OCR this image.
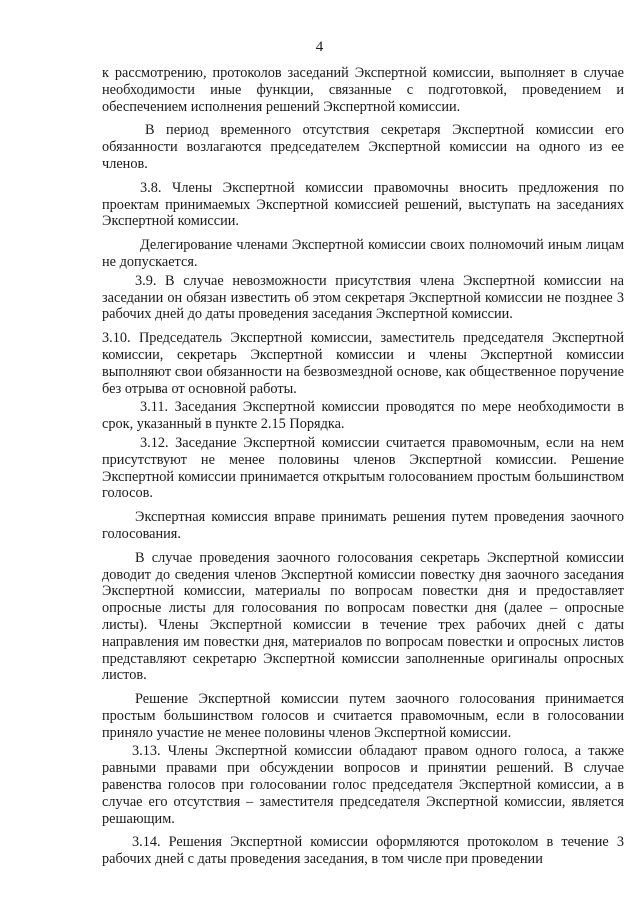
4

к рассмотрению, протоколов заседаний Экспертной комиссии, выполняет в случае необходимости иные функции, связанные с подготовкой, проведением и обеспечением исполнения решений Экспертной комиссии.

В период временного отсутствия секретаря Экспертной комиссии его обязанности возлагаются председателем Экспертной комиссии на одного из ее членов.

3.8. Члены Экспертной комиссии правомочны вносить предложения по проектам принимаемых Экспертной комиссией решений, выступать на заседаниях Экспертной комиссии.

Делегирование членами Экспертной комиссии своих полномочий иным лицам не допускается.

3.9. В случае невозможности присутствия члена Экспертной комиссии на заседании он обязан известить об этом секретаря Экспертной комиссии не позднее 3 рабочих дней до даты проведения заседания Экспертной комиссии.

3.10. Председатель Экспертной комиссии, заместитель председателя Экспертной комиссии, секретарь Экспертной комиссии и члены Экспертной комиссии выполняют свои обязанности на безвозмездной основе, как общественное поручение без отрыва от основной работы.

3.11. Заседания Экспертной комиссии проводятся по мере необходимости в срок, указанный в пункте 2.15 Порядка.

3.12. Заседание Экспертной комиссии считается правомочным, если на нем присутствуют не менее половины членов Экспертной комиссии. Решение Экспертной комиссии принимается открытым голосованием простым большинством голосов.

Экспертная комиссия вправе принимать решения путем проведения заочного голосования.

В случае проведения заочного голосования секретарь Экспертной комиссии доводит до сведения членов Экспертной комиссии повестку дня заочного заседания Экспертной комиссии, материалы по вопросам повестки дня и предоставляет опросные листы для голосования по вопросам повестки дня (далее – опросные листы). Члены Экспертной комиссии в течение трех рабочих дней с даты направления им повестки дня, материалов по вопросам повестки и опросных листов представляют секретарю Экспертной комиссии заполненные оригиналы опросных листов.

Решение Экспертной комиссии путем заочного голосования принимается простым большинством голосов и считается правомочным, если в голосовании приняло участие не менее половины членов Экспертной комиссии.

3.13. Члены Экспертной комиссии обладают правом одного голоса, а также равными правами при обсуждении вопросов и принятии решений. В случае равенства голосов при голосовании голос председателя Экспертной комиссии, а в случае его отсутствия – заместителя председателя Экспертной комиссии, является решающим.

3.14. Решения Экспертной комиссии оформляются протоколом в течение 3 рабочих дней с даты проведения заседания, в том числе при проведении
